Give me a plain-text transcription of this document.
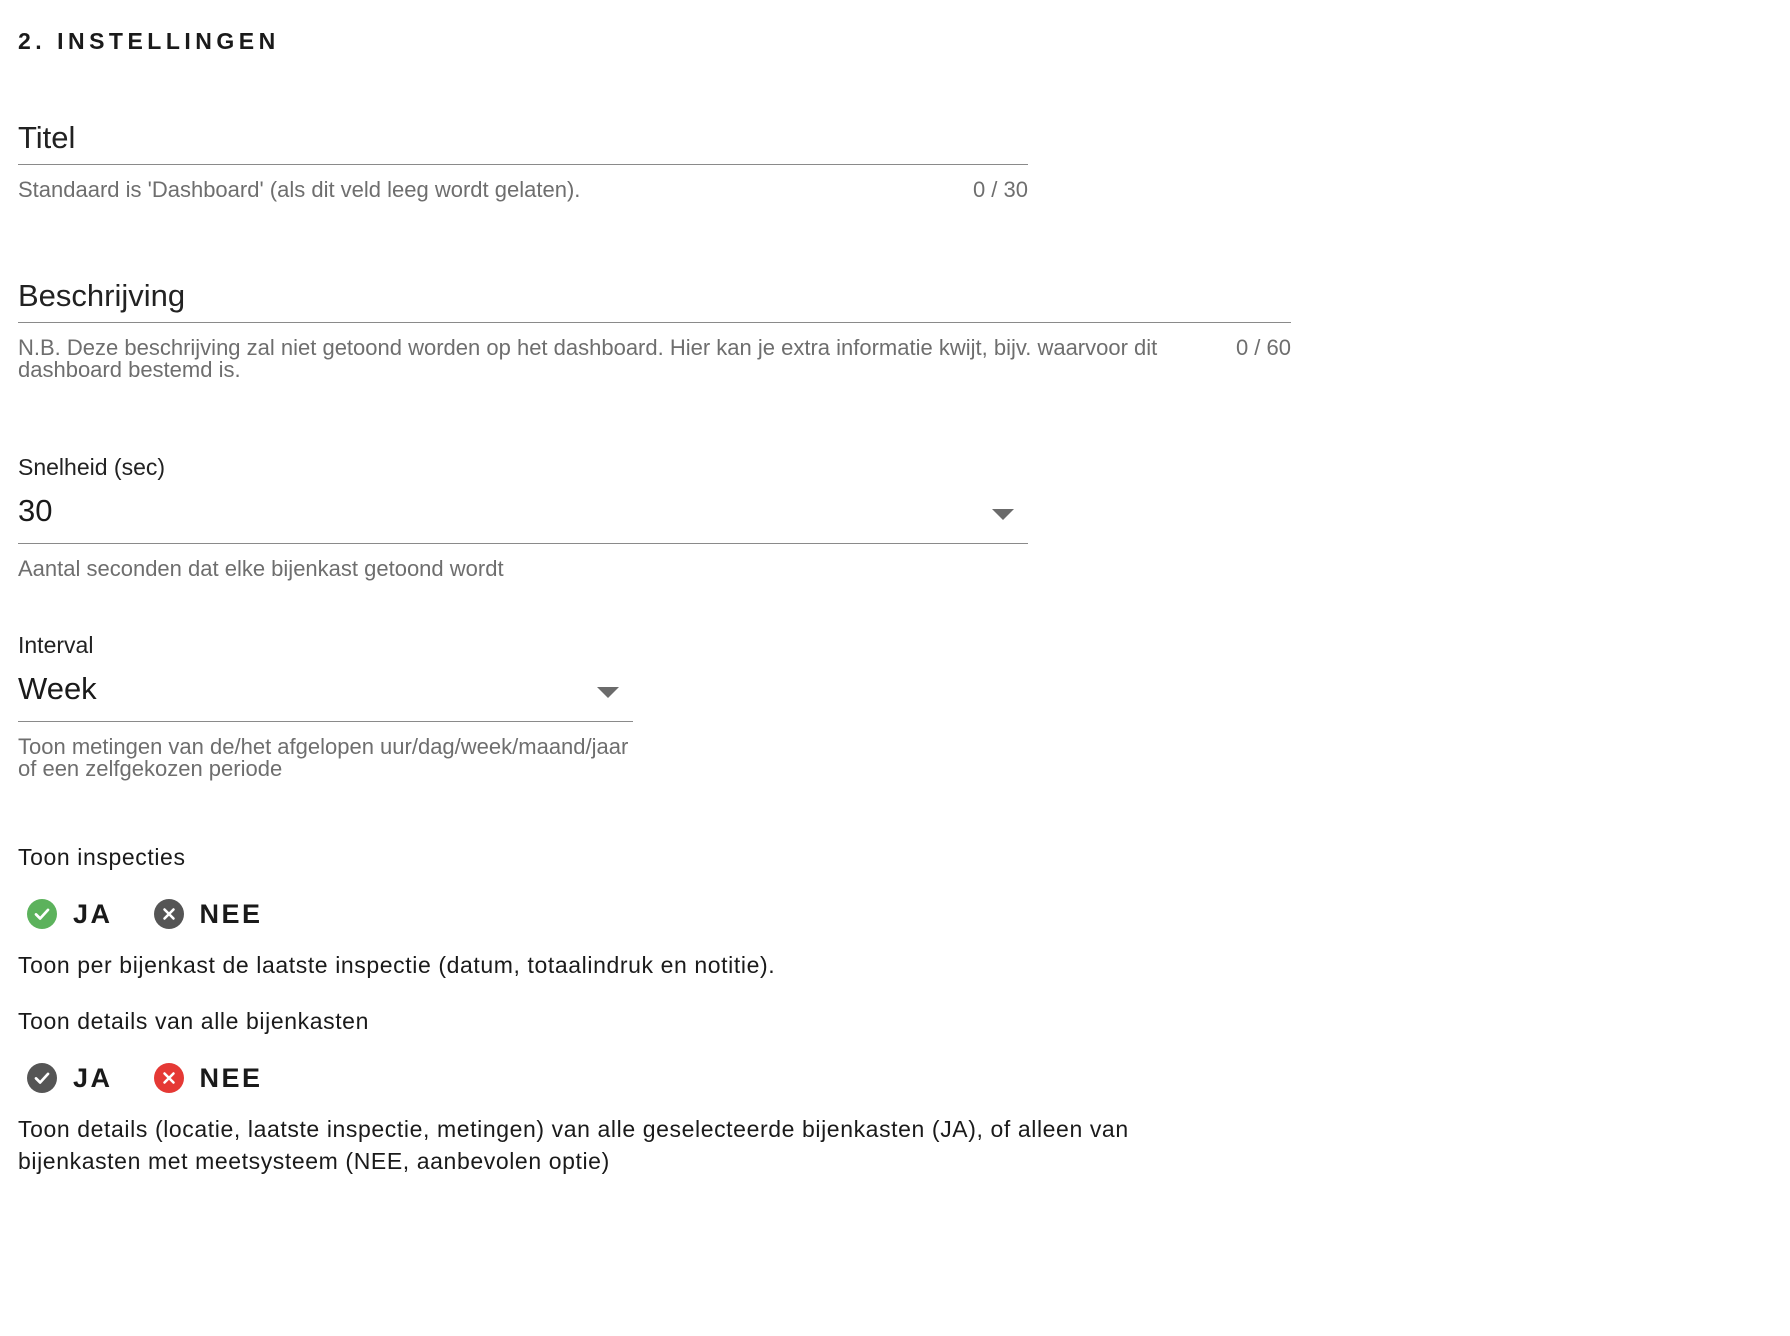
2. INSTELLINGEN
Titel
Standaard is 'Dashboard' (als dit veld leeg wordt gelaten).	0 / 30
Beschrijving
N.B. Deze beschrijving zal niet getoond worden op het dashboard. Hier kan je extra informatie kwijt, bijv. waarvoor dit dashboard bestemd is.
0 / 60
Snelheid (sec)
30
Aantal seconden dat elke bijenkast getoond wordt
Interval
Week
Toon metingen van de/het afgelopen uur/dag/week/maand/jaar of een zelfgekozen periode
Toon inspecties
JA	NEE
Toon per bijenkast de laatste inspectie (datum, totaalindruk en notitie).
Toon details van alle bijenkasten
JA	NEE
Toon details (locatie, laatste inspectie, metingen) van alle geselecteerde bijenkasten (JA), of alleen van bijenkasten met meetsysteem (NEE, aanbevolen optie)
